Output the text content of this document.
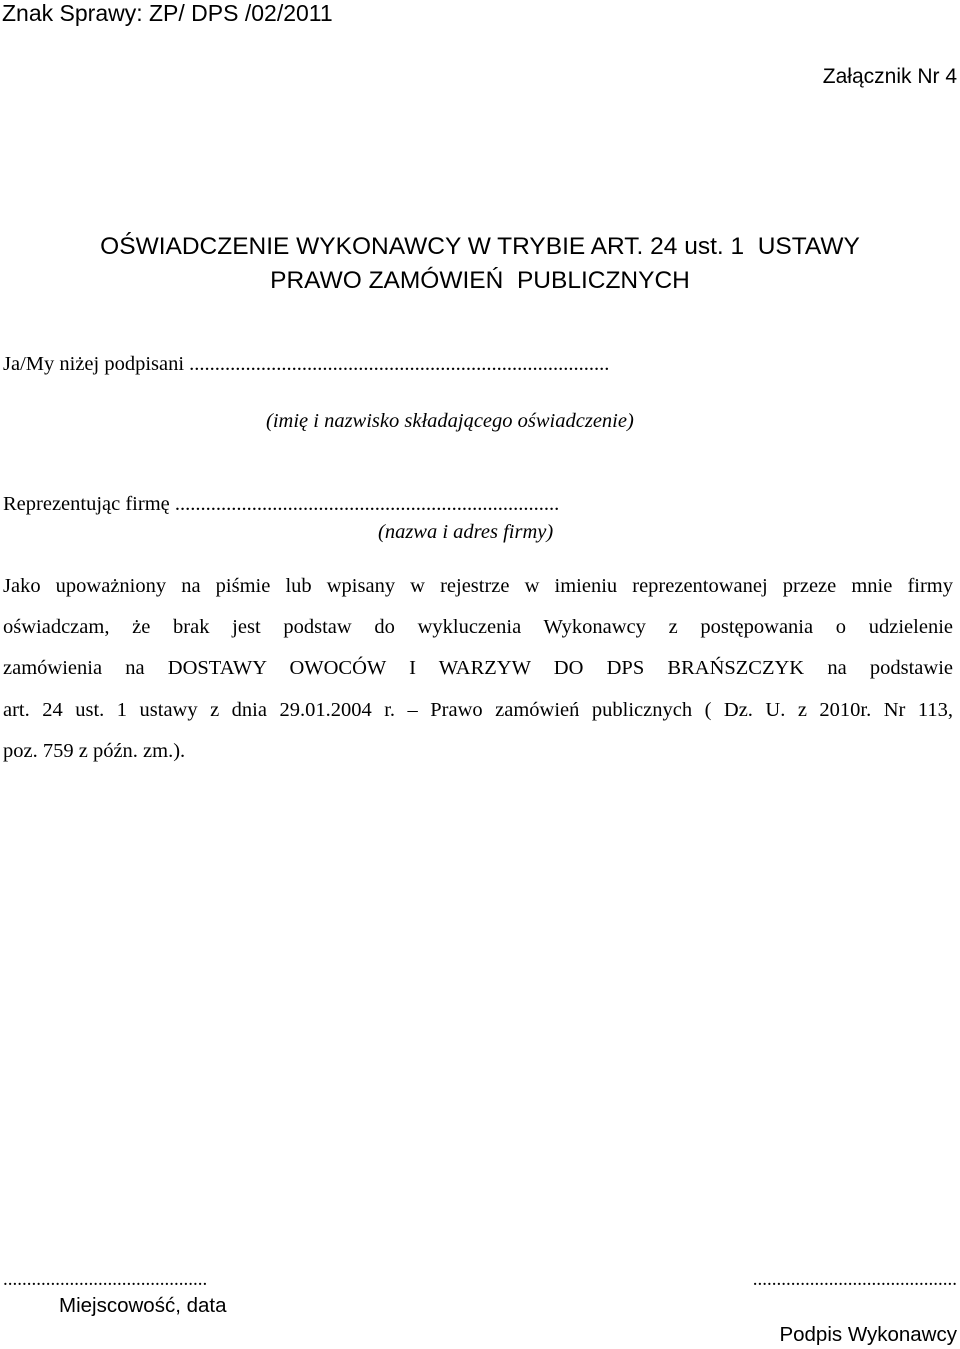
Znak Sprawy: ZP/ DPS /02/2011
Załącznik Nr 4
OŚWIADCZENIE WYKONAWCY W TRYBIE ART. 24 ust. 1  USTAWY
PRAWO ZAMÓWIEŃ  PUBLICZNYCH
Ja/My niżej podpisani ..................................................................................
(imię i nazwisko składającego oświadczenie)
Reprezentując firmę ...........................................................................
(nazwa i adres firmy)
Jako upoważniony na piśmie lub wpisany w rejestrze w imieniu reprezentowanej przeze mnie firmy
oświadczam, że brak jest podstaw do wykluczenia Wykonawcy z postępowania o udzielenie
zamówienia na DOSTAWY OWOCÓW I WARZYW DO DPS BRAŃSZCZYK na podstawie
art. 24 ust. 1 ustawy z dnia 29.01.2004 r. – Prawo zamówień publicznych ( Dz. U. z 2010r. Nr 113,
poz. 759 z późn. zm.).
...........................................
Miejscowość, data
...........................................
Podpis Wykonawcy
